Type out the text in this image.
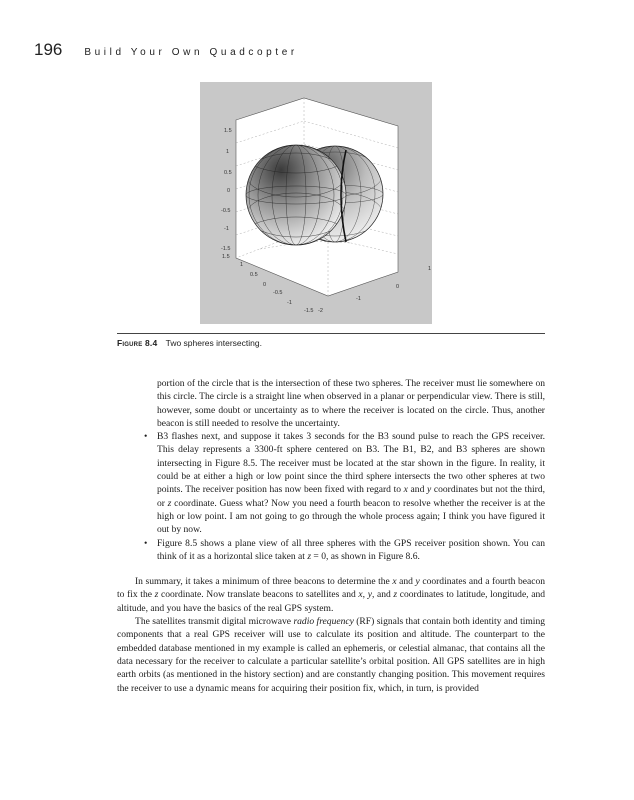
196 Build Your Own Quadcopter
1.5
1
0.5
0
-0.5
-1
-1.5
1.5
1
0.5
0
-0.5
-1
-1.5 -2
-1
0
1
Figure 8.4 Two spheres intersecting.

portion of the circle that is the intersection of these two spheres. The receiver must lie somewhere on this circle. The circle is a straight line when observed in a planar or perpendicular view. There is still, however, some doubt or uncertainty as to where the receiver is located on the circle. Thus, another beacon is still needed to resolve the uncertainty.

• B3 flashes next, and suppose it takes 3 seconds for the B3 sound pulse to reach the GPS receiver. This delay represents a 3300-ft sphere centered on B3. The B1, B2, and B3 spheres are shown intersecting in Figure 8.5. The receiver must be located at the star shown in the figure. In reality, it could be at either a high or low point since the third sphere intersects the two other spheres at two points. The receiver position has now been fixed with regard to x and y coordinates but not the third, or z coordinate. Guess what? Now you need a fourth beacon to resolve whether the receiver is at the high or low point. I am not going to go through the whole process again; I think you have figured it out by now.
• Figure 8.5 shows a plane view of all three spheres with the GPS receiver position shown. You can think of it as a horizontal slice taken at z = 0, as shown in Figure 8.6.

In summary, it takes a minimum of three beacons to determine the x and y coordinates and a fourth beacon to fix the z coordinate. Now translate beacons to satellites and x, y, and z coordinates to latitude, longitude, and altitude, and you have the basics of the real GPS system.

The satellites transmit digital microwave radio frequency (RF) signals that contain both identity and timing components that a real GPS receiver will use to calculate its position and altitude. The counterpart to the embedded database mentioned in my example is called an ephemeris, or celestial almanac, that contains all the data necessary for the receiver to calculate a particular satellite’s orbital position. All GPS satellites are in high earth orbits (as mentioned in the history section) and are constantly changing position. This movement requires the receiver to use a dynamic means for acquiring their position fix, which, in turn, is provided
